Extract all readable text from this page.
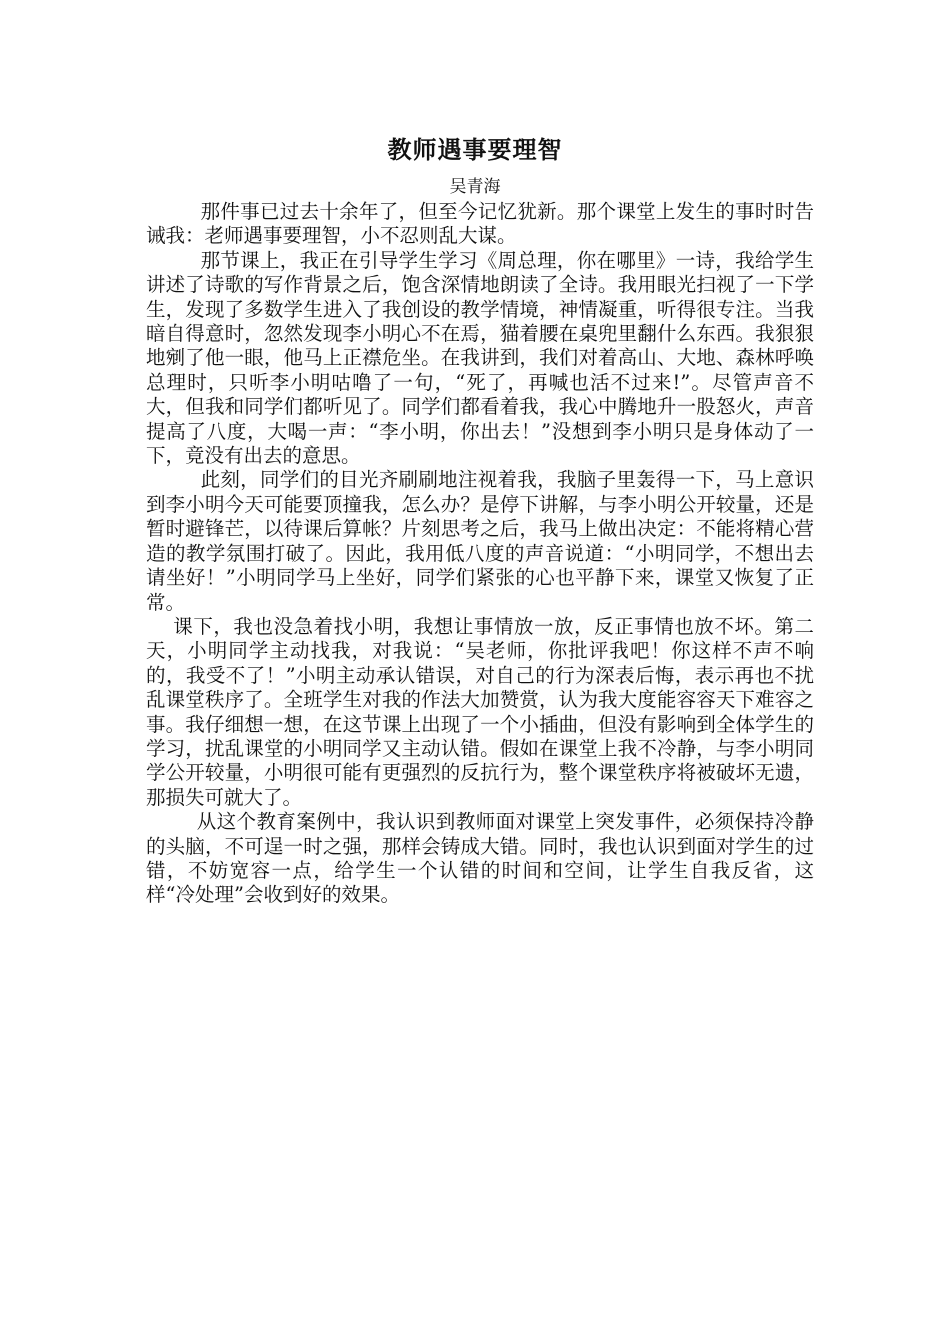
教师遇事要理智
吴青海

那件事已过去十余年了，但至今记忆犹新。那个课堂上发生的事时时告诫我：老师遇事要理智，小不忍则乱大谋。

那节课上，我正在引导学生学习《周总理，你在哪里》一诗，我给学生讲述了诗歌的写作背景之后，饱含深情地朗读了全诗。我用眼光扫视了一下学生，发现了多数学生进入了我创设的教学情境，神情凝重，听得很专注。当我暗自得意时，忽然发现李小明心不在焉，猫着腰在桌兜里翻什么东西。我狠狠地剜了他一眼，他马上正襟危坐。在我讲到，我们对着高山、大地、森林呼唤总理时，只听李小明咕噜了一句，“死了，再喊也活不过来!”。尽管声音不大，但我和同学们都听见了。同学们都看着我，我心中腾地升一股怒火，声音提高了八度，大喝一声：“李小明，你出去！”没想到李小明只是身体动了一下，竟没有出去的意思。

此刻，同学们的目光齐刷刷地注视着我，我脑子里轰得一下，马上意识到李小明今天可能要顶撞我，怎么办？是停下讲解，与李小明公开较量，还是暂时避锋芒，以待课后算帐？片刻思考之后，我马上做出决定：不能将精心营造的教学氛围打破了。因此，我用低八度的声音说道：“小明同学，不想出去请坐好！”小明同学马上坐好，同学们紧张的心也平静下来，课堂又恢复了正常。

课下，我也没急着找小明，我想让事情放一放，反正事情也放不坏。第二天，小明同学主动找我，对我说：“吴老师，你批评我吧！你这样不声不响的，我受不了！”小明主动承认错误，对自己的行为深表后悔，表示再也不扰乱课堂秩序了。全班学生对我的作法大加赞赏，认为我大度能容容天下难容之事。我仔细想一想，在这节课上出现了一个小插曲，但没有影响到全体学生的学习，扰乱课堂的小明同学又主动认错。假如在课堂上我不冷静，与李小明同学公开较量，小明很可能有更强烈的反抗行为，整个课堂秩序将被破坏无遗，那损失可就大了。

从这个教育案例中，我认识到教师面对课堂上突发事件，必须保持冷静的头脑，不可逞一时之强，那样会铸成大错。同时，我也认识到面对学生的过错，不妨宽容一点，给学生一个认错的时间和空间，让学生自我反省，这样“冷处理”会收到好的效果。
